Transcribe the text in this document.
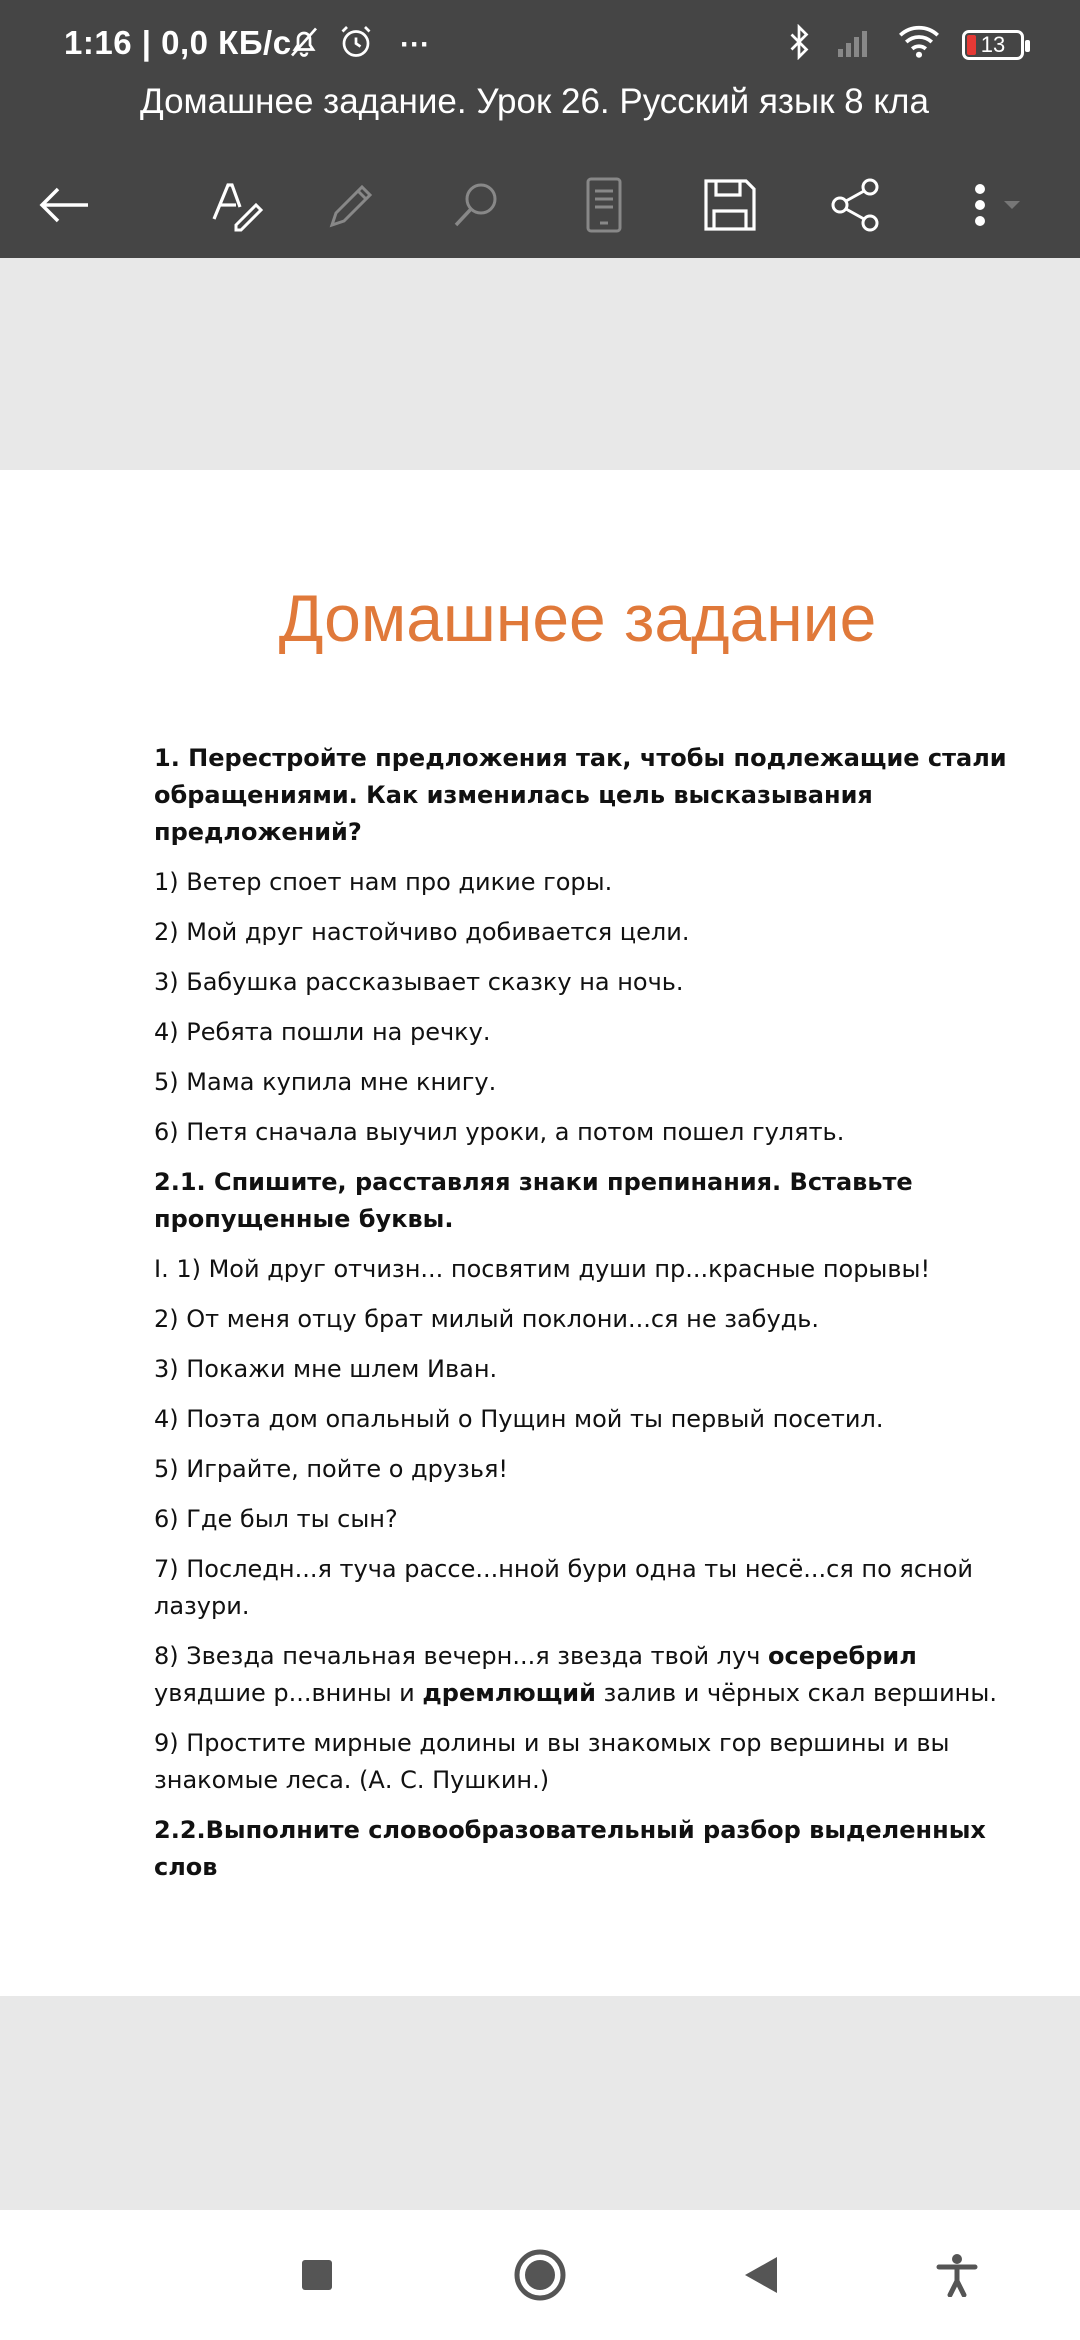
1:16 | 0,0 КБ/с	···	13
Домашнее задание. Урок 26. Русский язык 8 кла
Домашнее задание

1. Перестройте предложения так, чтобы подлежащие стали обращениями. Как изменилась цель высказывания предложений?

1) Ветер споет нам про дикие горы.

2) Мой друг настойчиво добивается цели.

3) Бабушка рассказывает сказку на ночь.

4) Ребята пошли на речку.

5) Мама купила мне книгу.

6) Петя сначала выучил уроки, а потом пошел гулять.

2.1. Спишите, расставляя знаки препинания. Вставьте пропущенные буквы.

I. 1) Мой друг отчизн... посвятим души пр...красные порывы!

2) От меня отцу брат милый поклони...ся не забудь.

3) Покажи мне шлем Иван.

4) Поэта дом опальный о Пущин мой ты первый посетил.

5) Играйте, пойте о друзья!

6) Где был ты сын?

7) Последн...я туча рассе...нной бури одна ты несё...ся по ясной лазури.

8) Звезда печальная вечерн...я звезда твой луч осеребрил увядшие р...внины и дремлющий залив и чёрных скал вершины.

9) Простите мирные долины и вы знакомых гор вершины и вы знакомые леса. (А. С. Пушкин.)

2.2.Выполните словообразовательный разбор выделенных слов
